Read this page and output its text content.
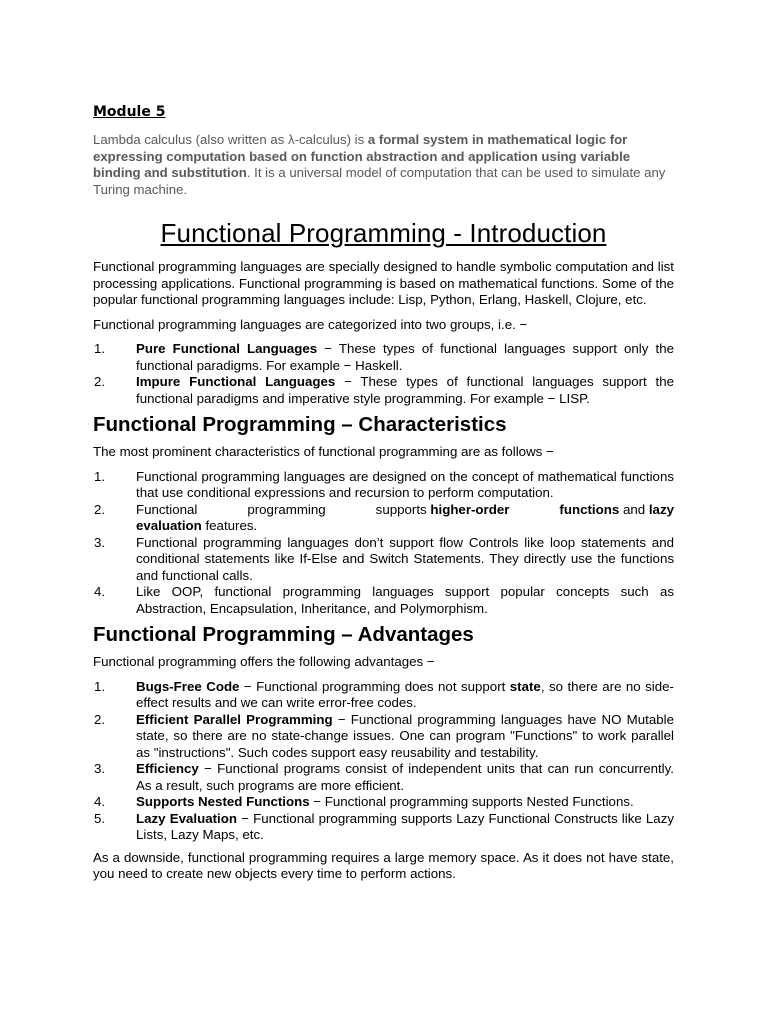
Module 5

Lambda calculus (also written as λ-calculus) is a formal system in mathematical logic for expressing computation based on function abstraction and application using variable binding and substitution. It is a universal model of computation that can be used to simulate any Turing machine.

Functional Programming - Introduction

Functional programming languages are specially designed to handle symbolic computation and list processing applications. Functional programming is based on mathematical functions. Some of the popular functional programming languages include: Lisp, Python, Erlang, Haskell, Clojure, etc.

Functional programming languages are categorized into two groups, i.e. −

1.	Pure Functional Languages − These types of functional languages support only the functional paradigms. For example − Haskell.
2.	Impure Functional Languages − These types of functional languages support the functional paradigms and imperative style programming. For example − LISP.
Functional Programming – Characteristics

The most prominent characteristics of functional programming are as follows −

1.	Functional programming languages are designed on the concept of mathematical functions that use conditional expressions and recursion to perform computation.
2.	Functional	programming	supports higher-order	functions and lazy
evaluation features.
3.	Functional programming languages don’t support flow Controls like loop statements and conditional statements like If-Else and Switch Statements. They directly use the functions and functional calls.
4.	Like OOP, functional programming languages support popular concepts such as Abstraction, Encapsulation, Inheritance, and Polymorphism.
Functional Programming – Advantages

Functional programming offers the following advantages −

1.	Bugs-Free Code − Functional programming does not support state, so there are no side-effect results and we can write error-free codes.
2.	Efficient Parallel Programming − Functional programming languages have NO Mutable state, so there are no state-change issues. One can program "Functions" to work parallel as "instructions". Such codes support easy reusability and testability.
3.	Efficiency − Functional programs consist of independent units that can run concurrently. As a result, such programs are more efficient.
4.	Supports Nested Functions − Functional programming supports Nested Functions.
5.	Lazy Evaluation − Functional programming supports Lazy Functional Constructs like Lazy Lists, Lazy Maps, etc.

As a downside, functional programming requires a large memory space. As it does not have state, you need to create new objects every time to perform actions.
